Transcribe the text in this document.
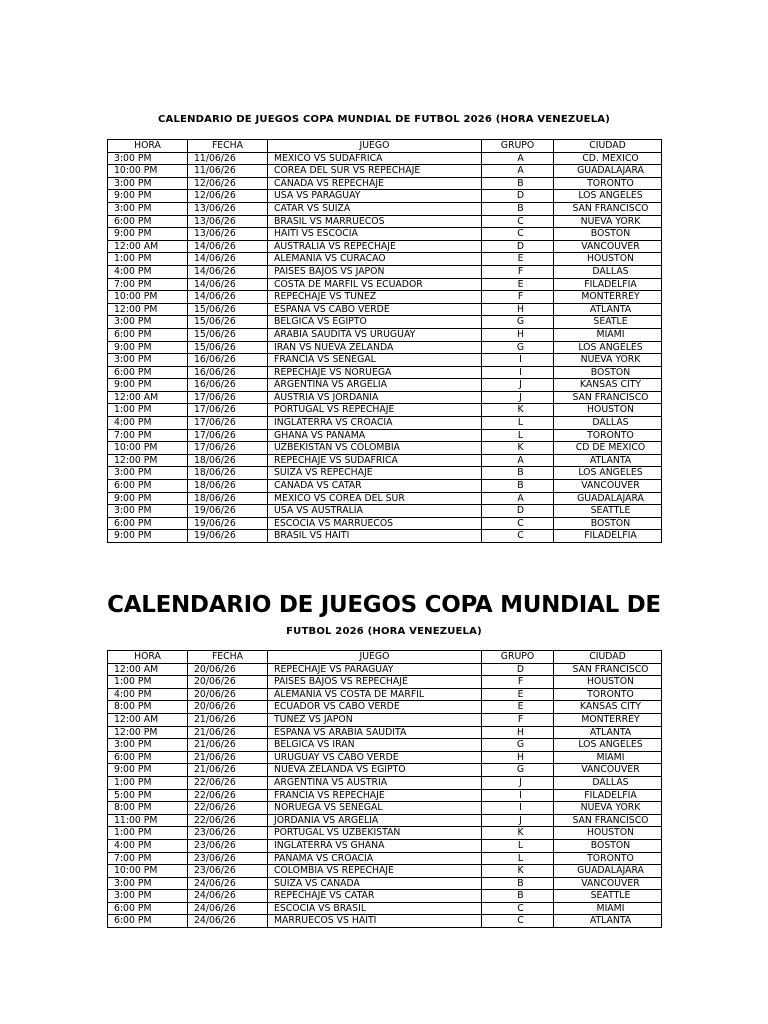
CALENDARIO DE JUEGOS COPA MUNDIAL DE FUTBOL 2026 (HORA VENEZUELA)
HORA	FECHA	JUEGO	GRUPO	CIUDAD
3:00 PM	11/06/26	MEXICO VS SUDAFRICA	A	CD. MEXICO
10:00 PM	11/06/26	COREA DEL SUR VS REPECHAJE	A	GUADALAJARA
3:00 PM	12/06/26	CANADA VS REPECHAJE	B	TORONTO
9:00 PM	12/06/26	USA VS PARAGUAY	D	LOS ANGELES
3:00 PM	13/06/26	CATAR VS SUIZA	B	SAN FRANCISCO
6:00 PM	13/06/26	BRASIL VS MARRUECOS	C	NUEVA YORK
9:00 PM	13/06/26	HAITI VS ESCOCIA	C	BOSTON
12:00 AM	14/06/26	AUSTRALIA VS REPECHAJE	D	VANCOUVER
1:00 PM	14/06/26	ALEMANIA VS CURACAO	E	HOUSTON
4:00 PM	14/06/26	PAISES BAJOS VS JAPON	F	DALLAS
7:00 PM	14/06/26	COSTA DE MARFIL VS ECUADOR	E	FILADELFIA
10:00 PM	14/06/26	REPECHAJE VS TUNEZ	F	MONTERREY
12:00 PM	15/06/26	ESPAÑA VS CABO VERDE	H	ATLANTA
3:00 PM	15/06/26	BELGICA VS EGIPTO	G	SEATLE
6:00 PM	15/06/26	ARABIA SAUDITA VS URUGUAY	H	MIAMI
9:00 PM	15/06/26	IRAN VS NUEVA ZELANDA	G	LOS ANGELES
3:00 PM	16/06/26	FRANCIA VS SENEGAL	I	NUEVA YORK
6:00 PM	16/06/26	REPECHAJE VS NORUEGA	I	BOSTON
9:00 PM	16/06/26	ARGENTINA VS ARGELIA	J	KANSAS CITY
12:00 AM	17/06/26	AUSTRIA VS JORDANIA	J	SAN FRANCISCO
1:00 PM	17/06/26	PORTUGAL VS REPECHAJE	K	HOUSTON
4:00 PM	17/06/26	INGLATERRA VS CROACIA	L	DALLAS
7:00 PM	17/06/26	GHANA VS PANAMA	L	TORONTO
10:00 PM	17/06/26	UZBEKISTAN VS COLOMBIA	K	CD DE MEXICO
12:00 PM	18/06/26	REPECHAJE VS SUDAFRICA	A	ATLANTA
3:00 PM	18/06/26	SUIZA VS REPECHAJE	B	LOS ANGELES
6:00 PM	18/06/26	CANADA VS CATAR	B	VANCOUVER
9:00 PM	18/06/26	MEXICO VS COREA DEL SUR	A	GUADALAJARA
3:00 PM	19/06/26	USA VS AUSTRALIA	D	SEATTLE
6:00 PM	19/06/26	ESCOCIA VS MARRUECOS	C	BOSTON
9:00 PM	19/06/26	BRASIL VS HAITI	C	FILADELFIA
CALENDARIO DE JUEGOS COPA MUNDIAL DE
FUTBOL 2026 (HORA VENEZUELA)
HORA	FECHA	JUEGO	GRUPO	CIUDAD
12:00 AM	20/06/26	REPECHAJE VS PARAGUAY	D	SAN FRANCISCO
1:00 PM	20/06/26	PAISES BAJOS VS REPECHAJE	F	HOUSTON
4:00 PM	20/06/26	ALEMANIA VS COSTA DE MARFIL	E	TORONTO
8:00 PM	20/06/26	ECUADOR VS CABO VERDE	E	KANSAS CITY
12:00 AM	21/06/26	TUNEZ VS JAPON	F	MONTERREY
12:00 PM	21/06/26	ESPAÑA VS ARABIA SAUDITA	H	ATLANTA
3:00 PM	21/06/26	BELGICA VS IRAN	G	LOS ANGELES
6:00 PM	21/06/26	URUGUAY VS CABO VERDE	H	MIAMI
9:00 PM	21/06/26	NUEVA ZELANDA VS EGIPTO	G	VANCOUVER
1:00 PM	22/06/26	ARGENTINA VS AUSTRIA	J	DALLAS
5:00 PM	22/06/26	FRANCIA VS REPECHAJE	I	FILADELFIA
8:00 PM	22/06/26	NORUEGA VS SENEGAL	I	NUEVA YORK
11:00 PM	22/06/26	JORDANIA VS ARGELIA	J	SAN FRANCISCO
1:00 PM	23/06/26	PORTUGAL VS UZBEKISTAN	K	HOUSTON
4:00 PM	23/06/26	INGLATERRA VS GHANA	L	BOSTON
7:00 PM	23/06/26	PANAMA VS CROACIA	L	TORONTO
10:00 PM	23/06/26	COLOMBIA VS REPECHAJE	K	GUADALAJARA
3:00 PM	24/06/26	SUIZA VS CANADA	B	VANCOUVER
3:00 PM	24/06/26	REPECHAJE VS CATAR	B	SEATTLE
6:00 PM	24/06/26	ESCOCIA VS BRASIL	C	MIAMI
6:00 PM	24/06/26	MARRUECOS VS HAITI	C	ATLANTA
